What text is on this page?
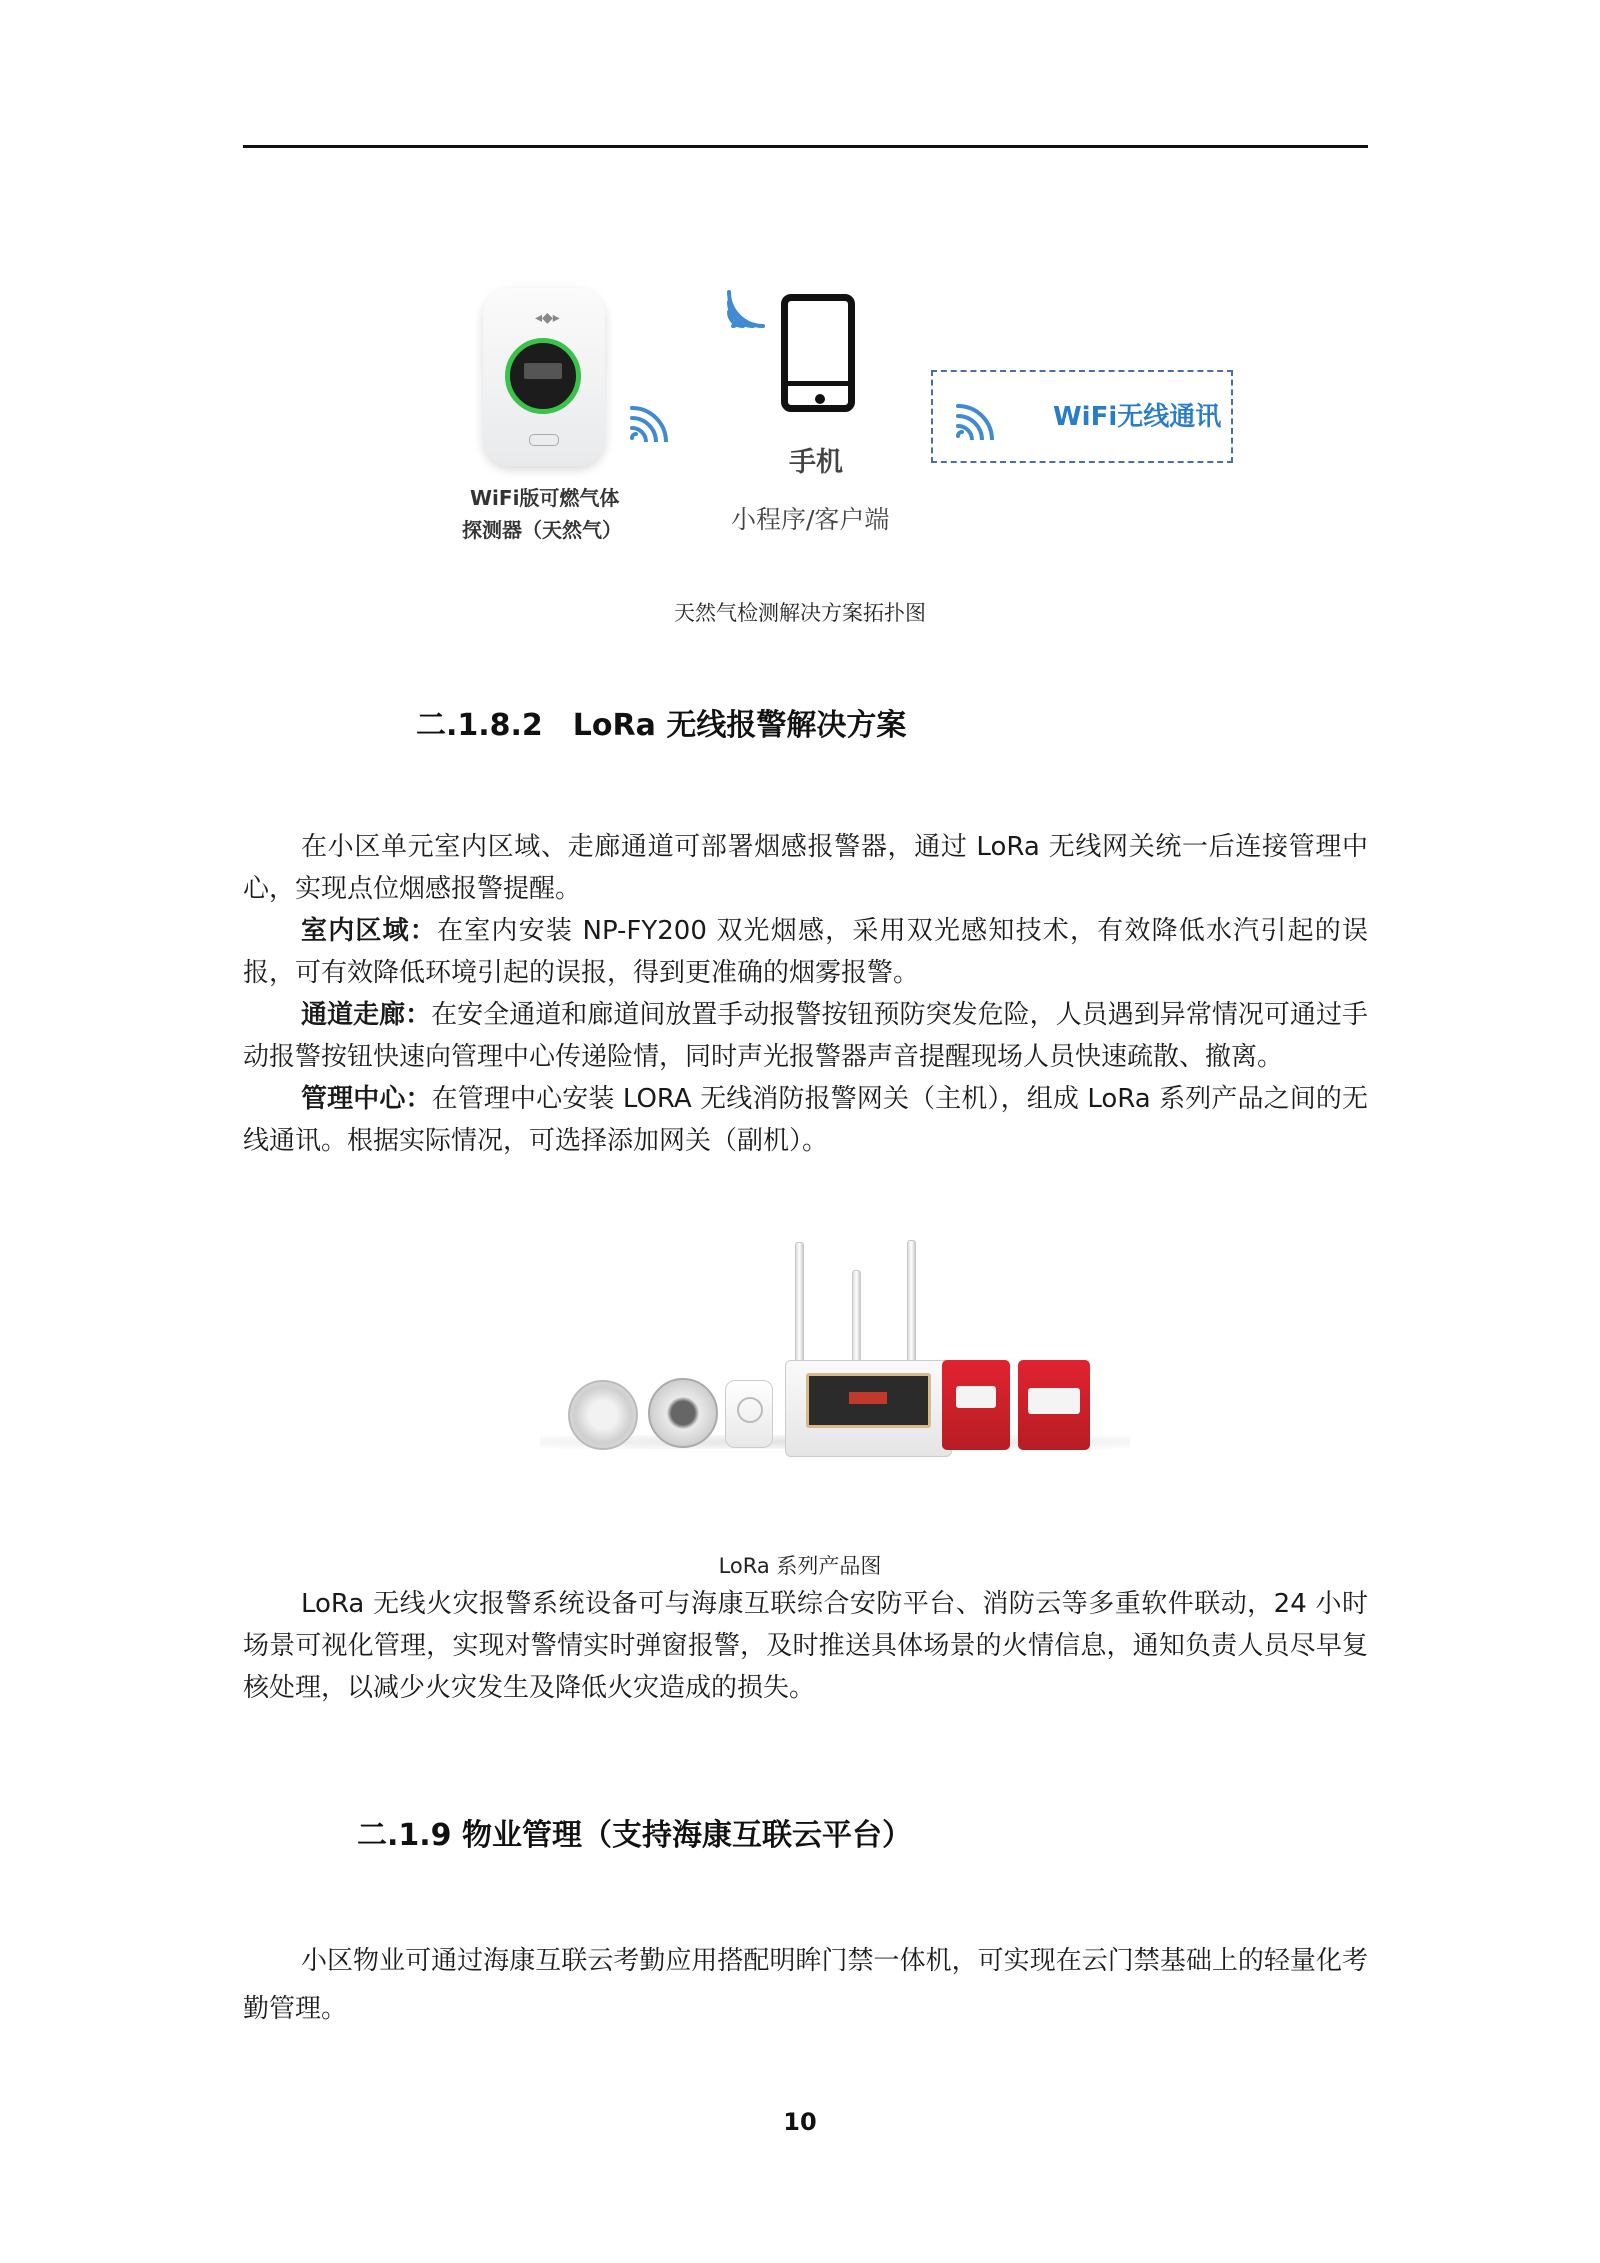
◂◆▸
WiFi无线通讯
WiFi版可燃气体
探测器（天然气）
手机
小程序/客户端
天然气检测解决方案拓扑图
二.1.8.2　LoRa 无线报警解决方案

在小区单元室内区域、走廊通道可部署烟感报警器，通过 LoRa 无线网关统一后连接管理中心，实现点位烟感报警提醒。

室内区域：在室内安装 NP-FY200 双光烟感，采用双光感知技术，有效降低水汽引起的误报，可有效降低环境引起的误报，得到更准确的烟雾报警。

通道走廊：在安全通道和廊道间放置手动报警按钮预防突发危险，人员遇到异常情况可通过手动报警按钮快速向管理中心传递险情，同时声光报警器声音提醒现场人员快速疏散、撤离。

管理中心：在管理中心安装 LORA 无线消防报警网关（主机），组成 LoRa 系列产品之间的无线通讯。根据实际情况，可选择添加网关（副机）。

LoRa 系列产品图

LoRa 无线火灾报警系统设备可与海康互联综合安防平台、消防云等多重软件联动，24 小时场景可视化管理，实现对警情实时弹窗报警，及时推送具体场景的火情信息，通知负责人员尽早复核处理，以减少火灾发生及降低火灾造成的损失。

二.1.9 物业管理（支持海康互联云平台）

小区物业可通过海康互联云考勤应用搭配明眸门禁一体机，可实现在云门禁基础上的轻量化考勤管理。

10
